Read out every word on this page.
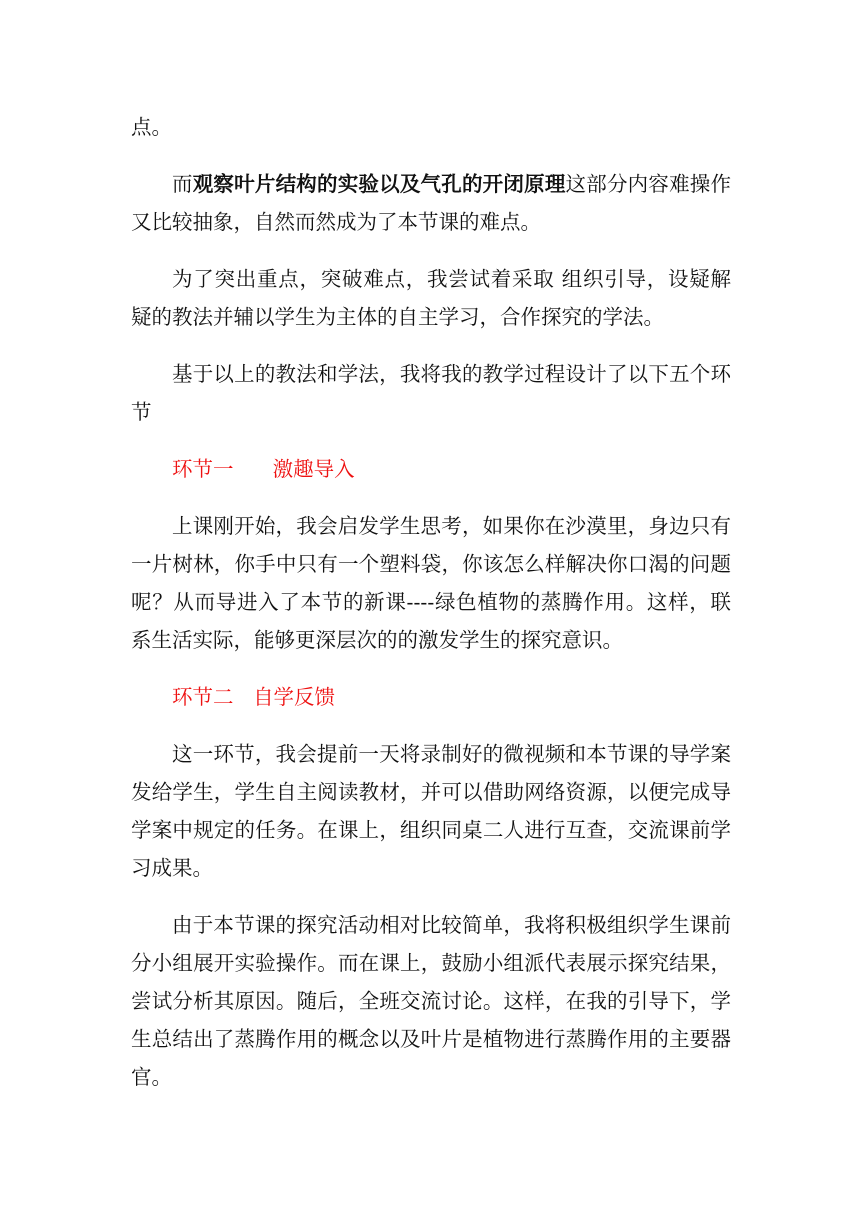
点。

而观察叶片结构的实验以及气孔的开闭原理这部分内容难操作又比较抽象，自然而然成为了本节课的难点。

为了突出重点，突破难点，我尝试着采取 组织引导，设疑解疑的教法并辅以学生为主体的自主学习，合作探究的学法。

基于以上的教法和学法，我将我的教学过程设计了以下五个环节

环节一 激趣导入

上课刚开始，我会启发学生思考，如果你在沙漠里，身边只有一片树林，你手中只有一个塑料袋，你该怎么样解决你口渴的问题呢？从而导进入了本节的新课----绿色植物的蒸腾作用。这样，联系生活实际，能够更深层次的的激发学生的探究意识。

环节二 自学反馈

这一环节，我会提前一天将录制好的微视频和本节课的导学案发给学生，学生自主阅读教材，并可以借助网络资源，以便完成导学案中规定的任务。在课上，组织同桌二人进行互查，交流课前学习成果。

由于本节课的探究活动相对比较简单，我将积极组织学生课前分小组展开实验操作。而在课上，鼓励小组派代表展示探究结果，尝试分析其原因。随后，全班交流讨论。这样，在我的引导下，学生总结出了蒸腾作用的概念以及叶片是植物进行蒸腾作用的主要器官。
